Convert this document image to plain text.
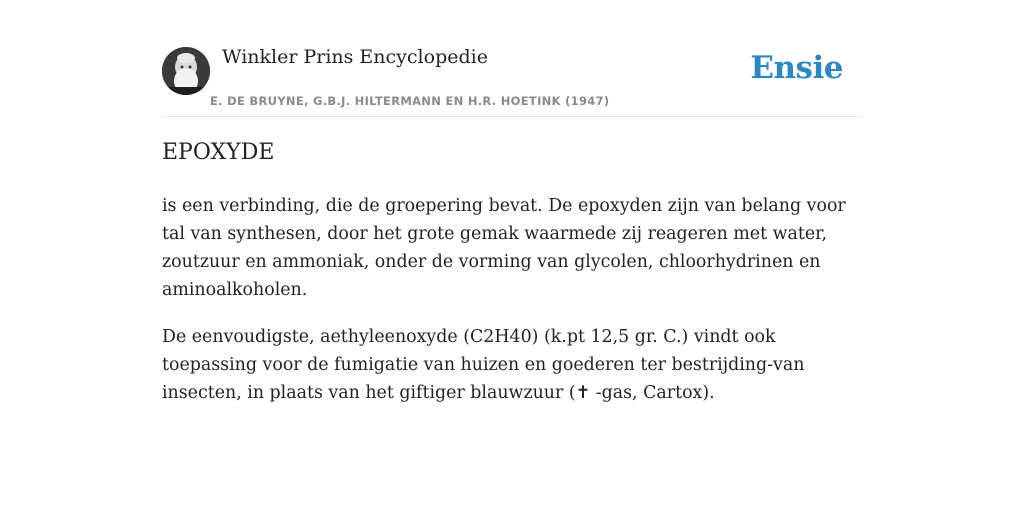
Winkler Prins Encyclopedie
E. DE BRUYNE, G.B.J. HILTERMANN EN H.R. HOETINK (1947)
Ensie
EPOXYDE

is een verbinding, die de groepering bevat. De epoxyden zijn van belang voor tal van synthesen, door het grote gemak waarmede zij reageren met water, zoutzuur en ammoniak, onder de vorming van glycolen, chloorhydrinen en aminoalkoholen.

De eenvoudigste, aethyleenoxyde (C2H40) (k.pt 12,5 gr. C.) vindt ook toepassing voor de fumigatie van huizen en goederen ter bestrijding-van insecten, in plaats van het giftiger blauwzuur (✝ -gas, Cartox).
